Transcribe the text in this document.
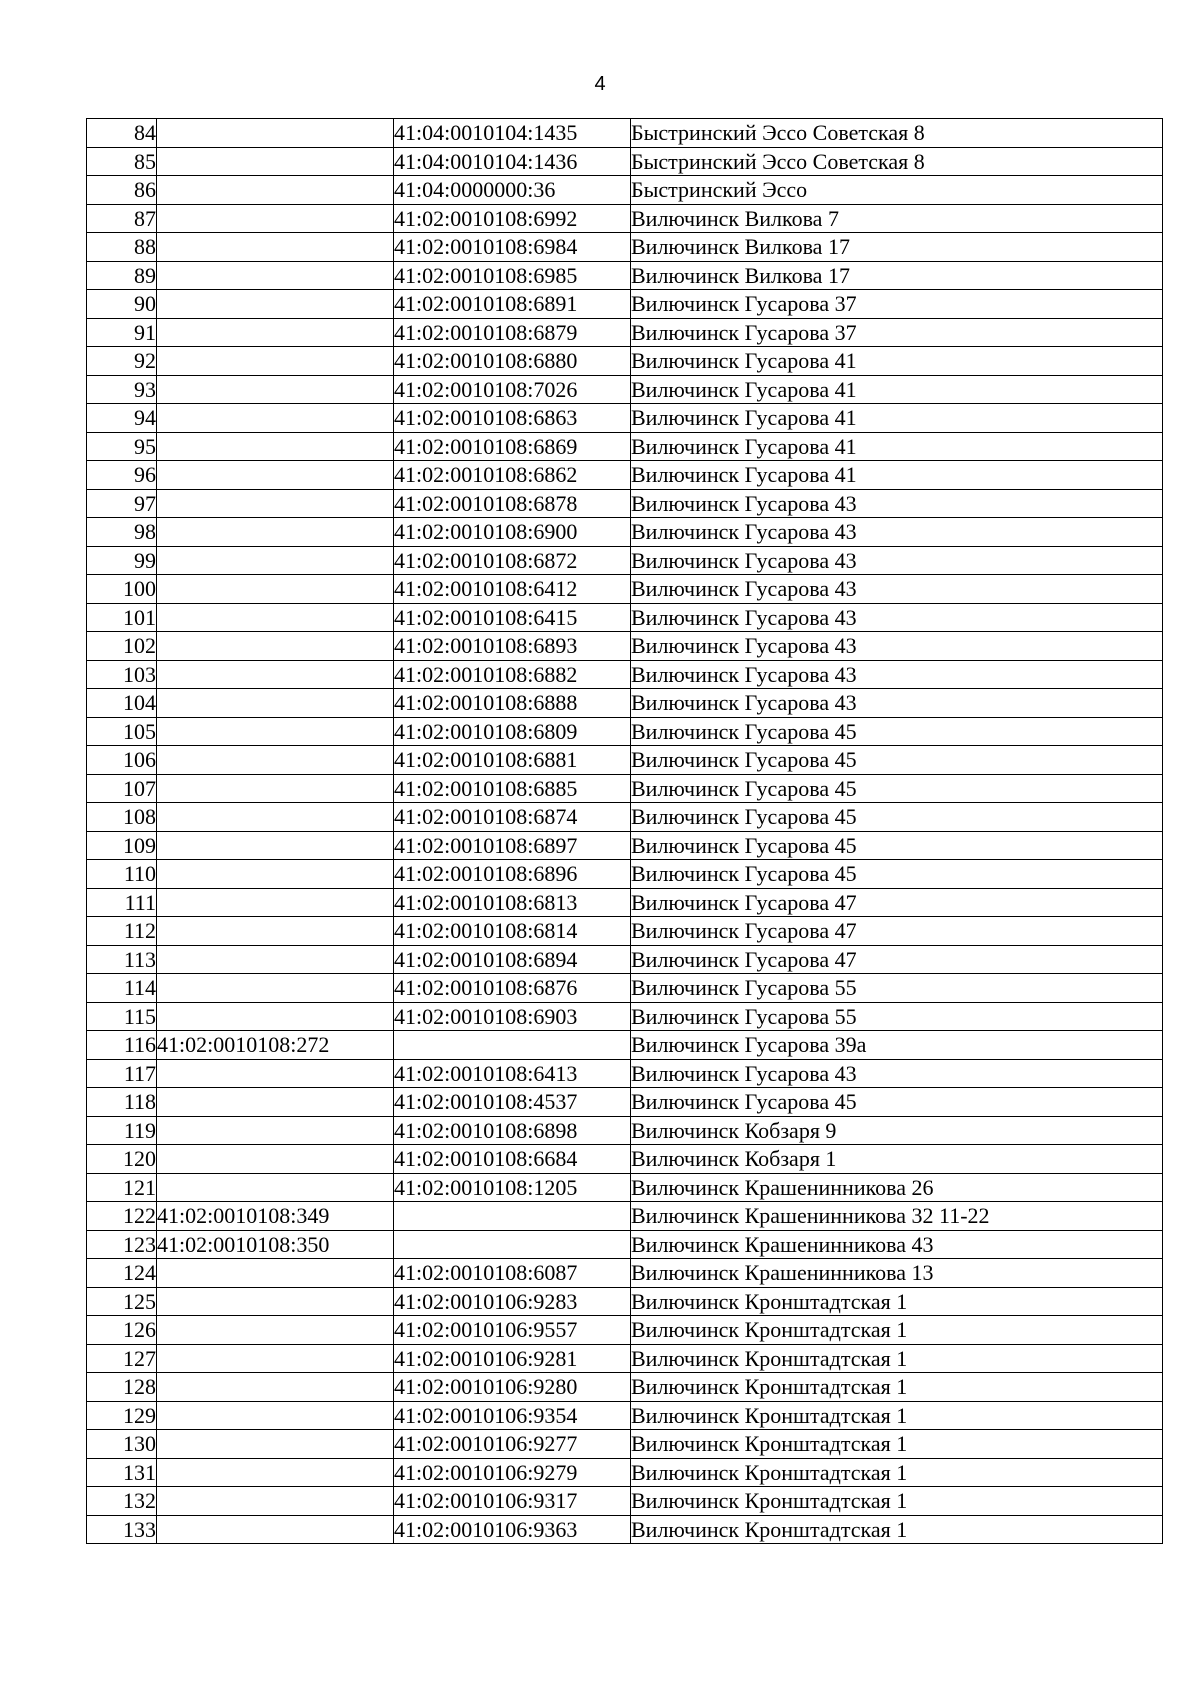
4
84		41:04:0010104:1435	Быстринский Эссо Советская 8
85		41:04:0010104:1436	Быстринский Эссо Советская 8
86		41:04:0000000:36	Быстринский Эссо
87		41:02:0010108:6992	Вилючинск Вилкова 7
88		41:02:0010108:6984	Вилючинск Вилкова 17
89		41:02:0010108:6985	Вилючинск Вилкова 17
90		41:02:0010108:6891	Вилючинск Гусарова 37
91		41:02:0010108:6879	Вилючинск Гусарова 37
92		41:02:0010108:6880	Вилючинск Гусарова 41
93		41:02:0010108:7026	Вилючинск Гусарова 41
94		41:02:0010108:6863	Вилючинск Гусарова 41
95		41:02:0010108:6869	Вилючинск Гусарова 41
96		41:02:0010108:6862	Вилючинск Гусарова 41
97		41:02:0010108:6878	Вилючинск Гусарова 43
98		41:02:0010108:6900	Вилючинск Гусарова 43
99		41:02:0010108:6872	Вилючинск Гусарова 43
100		41:02:0010108:6412	Вилючинск Гусарова 43
101		41:02:0010108:6415	Вилючинск Гусарова 43
102		41:02:0010108:6893	Вилючинск Гусарова 43
103		41:02:0010108:6882	Вилючинск Гусарова 43
104		41:02:0010108:6888	Вилючинск Гусарова 43
105		41:02:0010108:6809	Вилючинск Гусарова 45
106		41:02:0010108:6881	Вилючинск Гусарова 45
107		41:02:0010108:6885	Вилючинск Гусарова 45
108		41:02:0010108:6874	Вилючинск Гусарова 45
109		41:02:0010108:6897	Вилючинск Гусарова 45
110		41:02:0010108:6896	Вилючинск Гусарова 45
111		41:02:0010108:6813	Вилючинск Гусарова 47
112		41:02:0010108:6814	Вилючинск Гусарова 47
113		41:02:0010108:6894	Вилючинск Гусарова 47
114		41:02:0010108:6876	Вилючинск Гусарова 55
115		41:02:0010108:6903	Вилючинск Гусарова 55
116	41:02:0010108:272		Вилючинск Гусарова 39а
117		41:02:0010108:6413	Вилючинск Гусарова 43
118		41:02:0010108:4537	Вилючинск Гусарова 45
119		41:02:0010108:6898	Вилючинск Кобзаря 9
120		41:02:0010108:6684	Вилючинск Кобзаря 1
121		41:02:0010108:1205	Вилючинск Крашенинникова 26
122	41:02:0010108:349		Вилючинск Крашенинникова 32 11-22
123	41:02:0010108:350		Вилючинск Крашенинникова 43
124		41:02:0010108:6087	Вилючинск Крашенинникова 13
125		41:02:0010106:9283	Вилючинск Кронштадтская 1
126		41:02:0010106:9557	Вилючинск Кронштадтская 1
127		41:02:0010106:9281	Вилючинск Кронштадтская 1
128		41:02:0010106:9280	Вилючинск Кронштадтская 1
129		41:02:0010106:9354	Вилючинск Кронштадтская 1
130		41:02:0010106:9277	Вилючинск Кронштадтская 1
131		41:02:0010106:9279	Вилючинск Кронштадтская 1
132		41:02:0010106:9317	Вилючинск Кронштадтская 1
133		41:02:0010106:9363	Вилючинск Кронштадтская 1
